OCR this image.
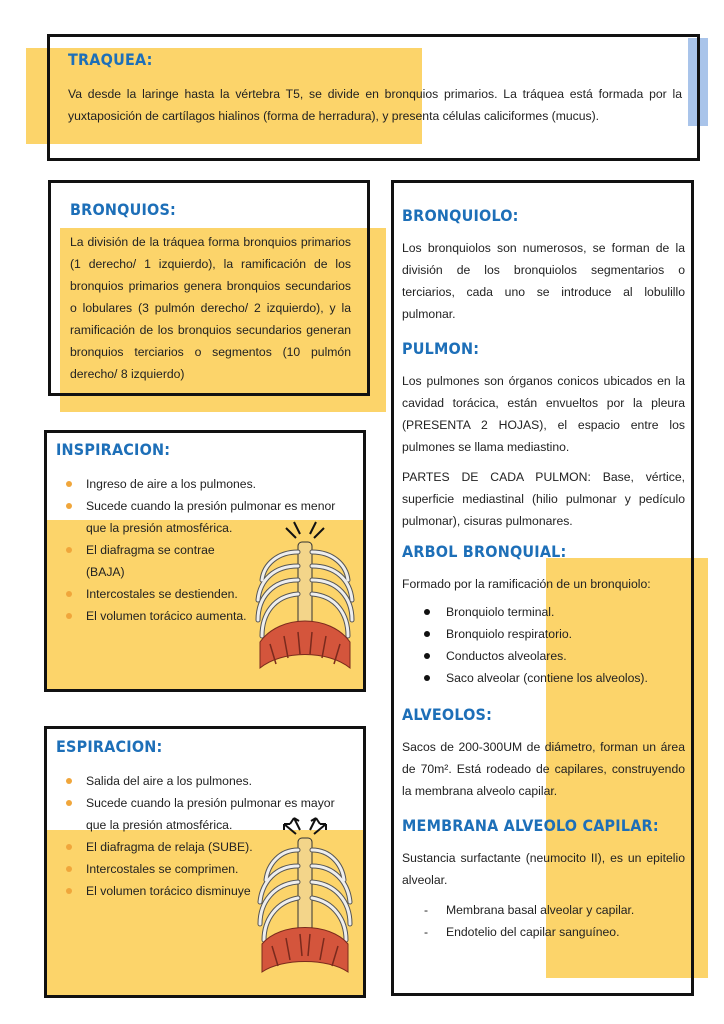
TRAQUEA:

Va desde la laringe hasta la vértebra T5, se divide en bronquios primarios. La tráquea está formada por la yuxtaposición de cartílagos hialinos (forma de herradura), y presenta células caliciformes (mucus).

BRONQUIOS:

La división de la tráquea forma bronquios primarios (1 derecho/ 1 izquierdo), la ramificación de los bronquios primarios genera bronquios secundarios o lobulares (3 pulmón derecho/ 2 izquierdo), y la ramificación de los bronquios secundarios generan bronquios terciarios o segmentos (10 pulmón derecho/ 8 izquierdo)

INSPIRACION:
Ingreso de aire a los pulmones.
Sucede cuando la presión pulmonar es menor que la presión atmosférica.
El diafragma se contrae (BAJA)
Intercostales se destienden.
El volumen torácico aumenta.
ESPIRACION:
Salida del aire a los pulmones.
Sucede cuando la presión pulmonar es mayor que la presión atmosférica.
El diafragma de relaja (SUBE).
Intercostales se comprimen.
El volumen torácico disminuye
BRONQUIOLO:

Los bronquiolos son numerosos, se forman de la división de los bronquiolos segmentarios o terciarios, cada uno se introduce al lobulillo pulmonar.

PULMON:

Los pulmones son órganos conicos ubicados en la cavidad torácica, están envueltos por la pleura (PRESENTA 2 HOJAS), el espacio entre los pulmones se llama mediastino.

PARTES DE CADA PULMON: Base, vértice, superficie mediastinal (hilio pulmonar y pedículo pulmonar), cisuras pulmonares.

ARBOL BRONQUIAL:

Formado por la ramificación de un bronquiolo:

Bronquiolo terminal.
Bronquiolo respiratorio.
Conductos alveolares.
Saco alveolar (contiene los alveolos).
ALVEOLOS:

Sacos de 200-300UM de diámetro, forman un área de 70m². Está rodeado de capilares, construyendo la membrana alveolo capilar.

MEMBRANA ALVEOLO CAPILAR:

Sustancia surfactante (neumocito II), es un epitelio alveolar.

- Membrana basal alveolar y capilar.
- Endotelio del capilar sanguíneo.
